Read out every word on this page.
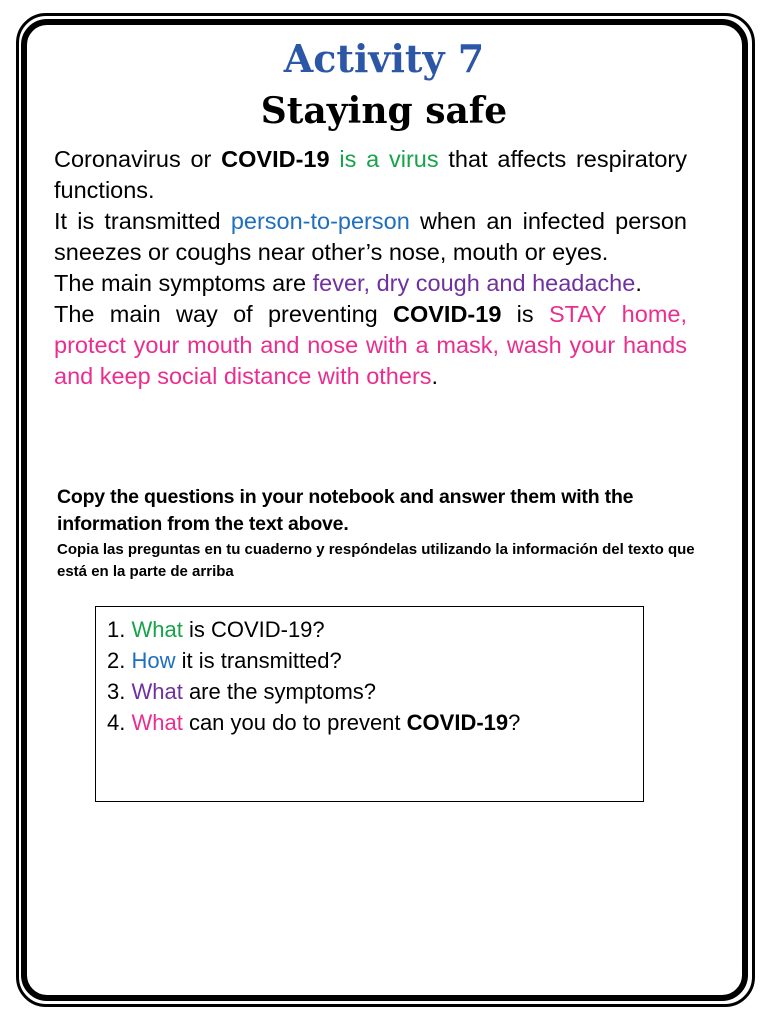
Activity 7
Staying safe

Coronavirus or COVID-19 is a virus that affects respiratory functions.

It is transmitted person-to-person when an infected person sneezes or coughs near other’s nose, mouth or eyes.

The main symptoms are fever, dry cough and headache.

The main way of preventing COVID-19 is STAY home, protect your mouth and nose with a mask, wash your hands and keep social distance with others.

Copy the questions in your notebook and answer them with the information from the text above.
Copia las preguntas en tu cuaderno y respóndelas utilizando la información del texto que está en la parte de arriba
1. What is COVID-19?
2. How it is transmitted?
3. What are the symptoms?
4. What can you do to prevent COVID-19?
